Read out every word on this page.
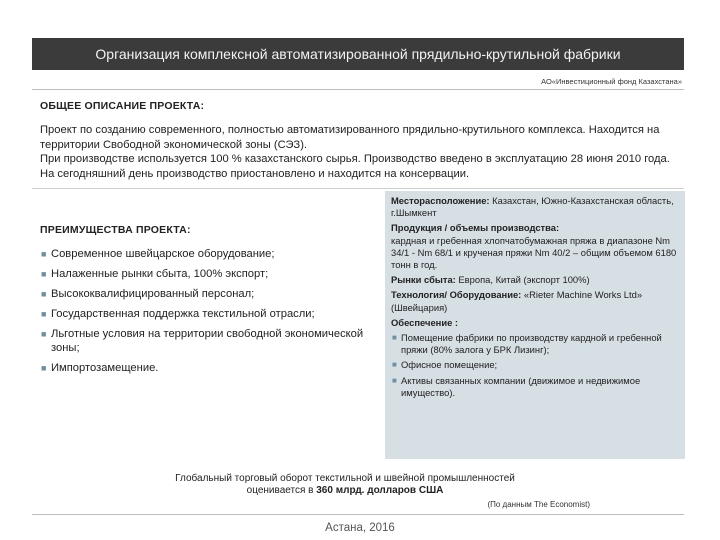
Организация комплексной автоматизированной прядильно-крутильной фабрики
АО«Инвестиционный фонд Казахстана»
ОБЩЕЕ ОПИСАНИЕ ПРОЕКТА:

Проект по созданию современного, полностью автоматизированного прядильно-крутильного комплекса. Находится на территории Свободной экономической зоны (СЭЗ).

При производстве используется 100 % казахстанского сырья. Производство введено в эксплуатацию 28 июня 2010 года. На сегодняшний день производство приостановлено и находится на консервации.

ПРЕИМУЩЕСТВА ПРОЕКТА:
■ Современное швейцарское оборудование;
■ Налаженные рынки сбыта, 100% экспорт;
■ Высококвалифицированный персонал;
■ Государственная поддержка текстильной отрасли;
■ Льготные условия на территории свободной экономической зоны;
■ Импортозамещение.

Месторасположение: Казахстан, Южно-Казахстанская область, г.Шымкент

Продукция / объемы производства:
кардная и гребенная хлопчатобумажная пряжа в диапазоне Nm 34/1 - Nm 68/1 и крученая пряжи Nm 40/2 – общим объемом 6180 тонн в год.

Рынки сбыта: Европа, Китай (экспорт 100%)

Технология/ Оборудование: «Rieter Machine Works Ltd» (Швейцария)

Обеспечение :

■ Помещение фабрики по производству кардной и гребенной пряжи (80% залога у БРК Лизинг);
■ Офисное помещение;
■ Активы связанных компании (движимое и недвижимое имущество).
Глобальный торговый оборот текстильной и швейной промышленностей
оценивается в 360 млрд. долларов США
(По данным The Economist)
Астана, 2016
